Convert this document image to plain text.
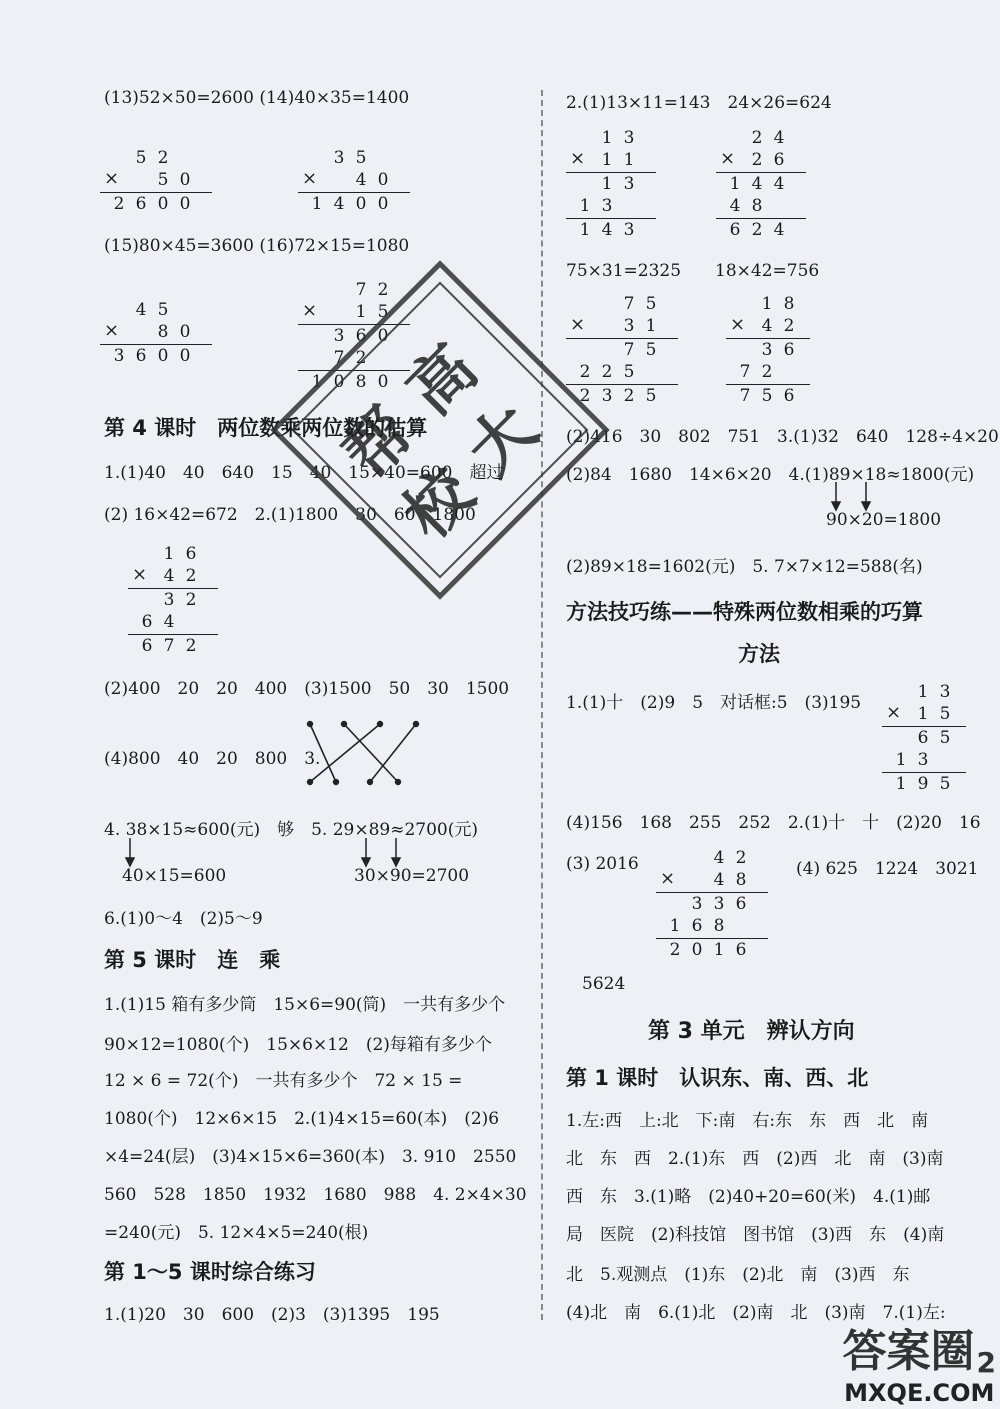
(13)52×50=2600 (14)40×35=1400
5 2
×	5 0
2 6 0 0
3 5
×	4 0
1 4 0 0
(15)80×45=3600 (16)72×15=1080
4 5
×	8 0
3 6 0 0
7 2
×	1 5
3 6 0
7 2
1 0 8 0
第 4 课时　两位数乘两位数的估算
1.(1)40　40　640　15　40　15×40=600　超过
(2) 16×42=672　2.(1)1800　30　60　1800
1 6
× 4 2
3 2
6 4
6 7 2
(2)400　20　20　400　(3)1500　50　30　1500
(4)800　40　20　800　3.
4. 38×15≈600(元)　够　5. 29×89≈2700(元)
40×15=600	30×90=2700
6.(1)0～4　(2)5～9
第 5 课时　连　乘
1.(1)15 箱有多少筒　15×6=90(筒)　一共有多少个
90×12=1080(个)　15×6×12　(2)每箱有多少个
12 × 6 = 72(个)　一共有多少个　72 × 15 =
1080(个)　12×6×15　2.(1)4×15=60(本)　(2)6
×4=24(层)　(3)4×15×6=360(本)　3. 910　2550
560　528　1850　1932　1680　988　4. 2×4×30
=240(元)　5. 12×4×5=240(根)
第 1～5 课时综合练习
1.(1)20　30　600　(2)3　(3)1395　195
2.(1)13×11=143　24×26=624
1 3
× 1 1
1 3
1 3
1 4 3
2 4
× 2 6
1 4 4
4 8
6 2 4
75×31=2325　　18×42=756
7 5
×	3 1
7 5
2 2 5
2 3 2 5
1 8
× 4 2
3 6
7 2
7 5 6
(2)416　30　802　751　3.(1)32　640　128÷4×20
(2)84　1680　14×6×20　4.(1)89×18≈1800(元)
90×20=1800
(2)89×18=1602(元)　5. 7×7×12=588(名)
方法技巧练——特殊两位数相乘的巧算
方法
1.(1)十　(2)9　5　对话框:5　(3)195
1 3
× 1 5
6 5
1 3
1 9 5
(4)156　168　255　252　2.(1)十　十　(2)20　16
(3) 2016	(4) 625　1224　3021
4 2
×	4 8
3 3 6
1 6 8
2 0 1 6
5624
第 3 单元　辨认方向
第 1 课时　认识东、南、西、北
1.左:西　上:北　下:南　右:东　东　西　北　南
北　东　西　2.(1)东　西　(2)西　北　南　(3)南
西　东　3.(1)略　(2)40+20=60(米)　4.(1)邮
局　医院　(2)科技馆　图书馆　(3)西　东　(4)南
北　5.观测点　(1)东　(2)北　南　(3)西　东
(4)北　南　6.(1)北　(2)南　北　(3)南　7.(1)左:
帮
高
校
大
答案圈 2
MXQE.COM
